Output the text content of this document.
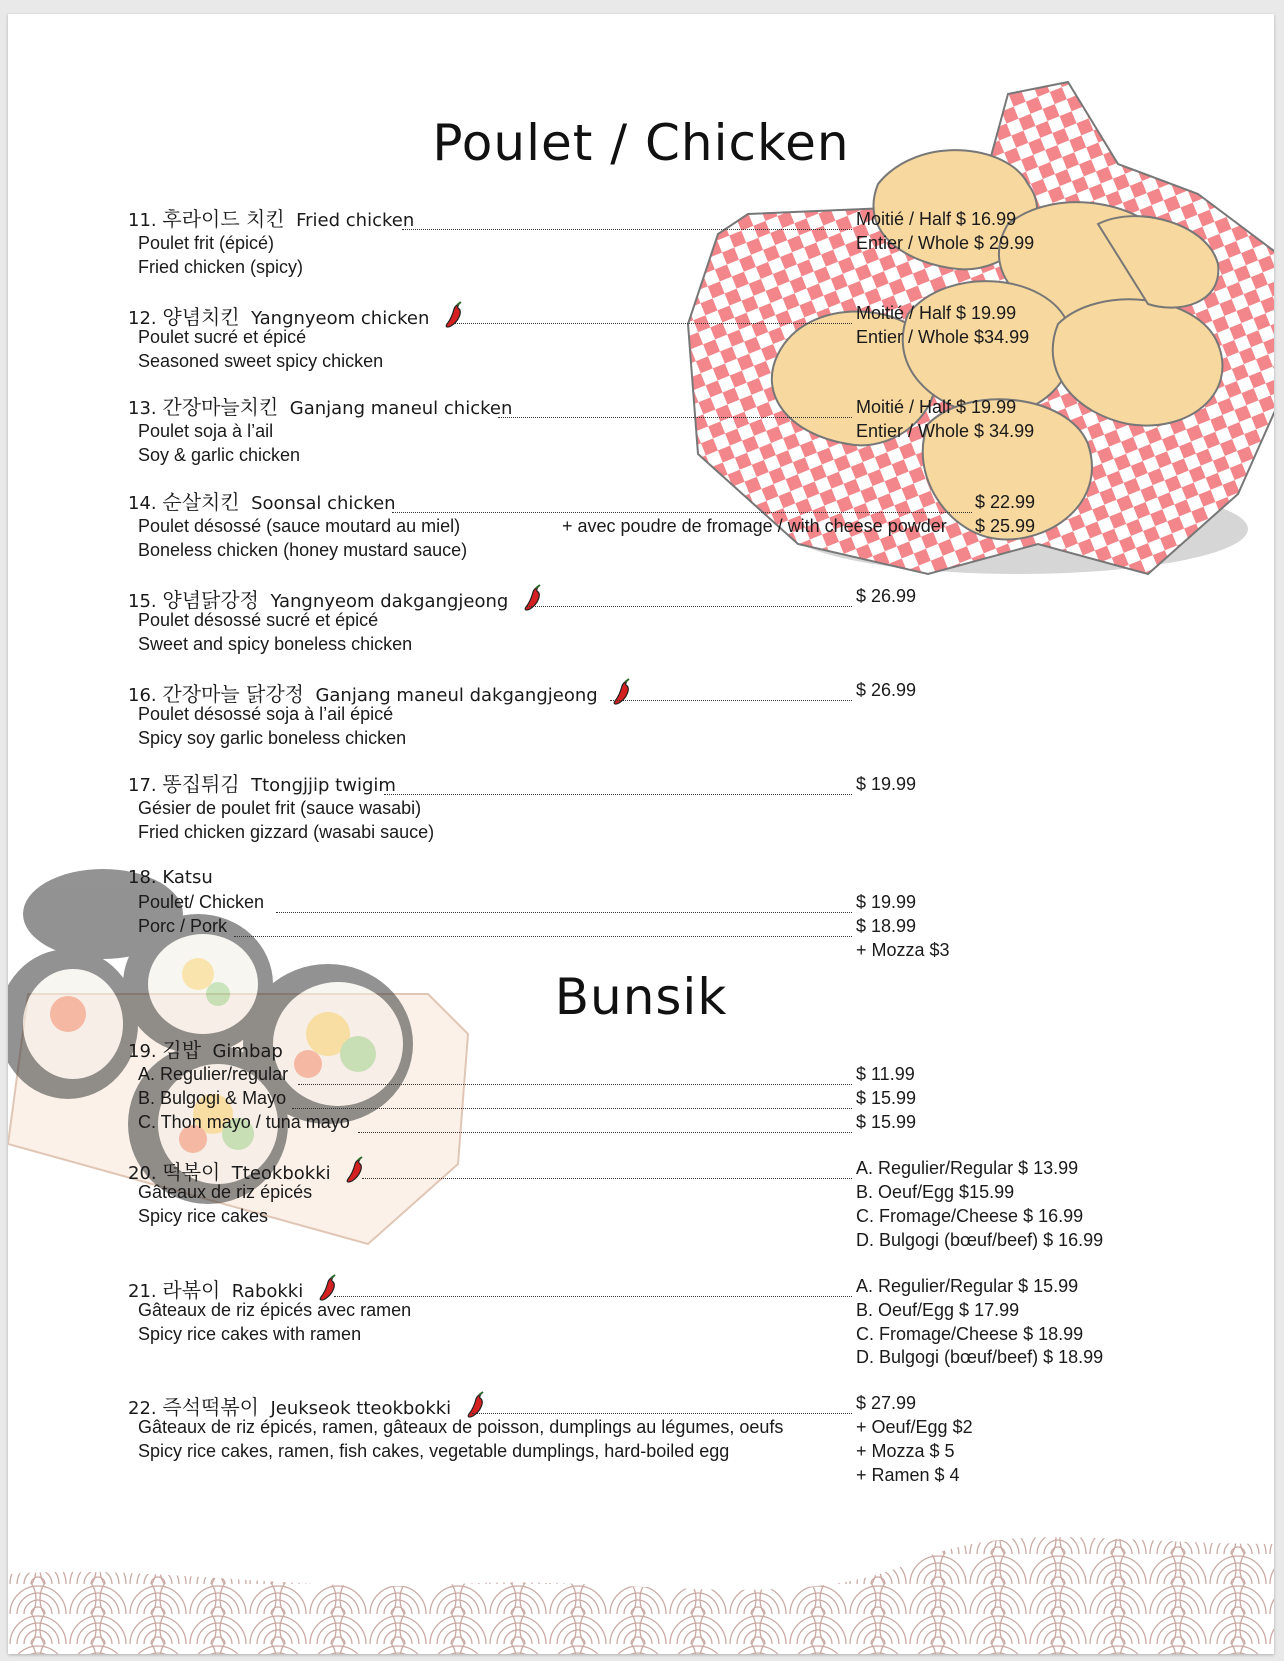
Poulet / Chicken
Bunsik
11. 후라이드 치킨 Fried chicken	Moitié / Half $ 16.99
Entier / Whole $ 29.99
Poulet frit (épicé)
Fried chicken (spicy)
12. 양념치킨 Yangnyeom chicken	Moitié / Half $ 19.99
Entier / Whole $34.99
Poulet sucré et épicé
Seasoned sweet spicy chicken
13. 간장마늘치킨 Ganjang maneul chicken	Moitié / Half $ 19.99
Entier / Whole $ 34.99
Poulet soja à l’ail
Soy & garlic chicken
14. 순살치킨 Soonsal chicken	$ 22.99
+ avec poudre de fromage / with cheese powder $ 25.99
Poulet désossé (sauce moutard au miel)
Boneless chicken (honey mustard sauce)
15. 양념닭강정 Yangnyeom dakgangjeong	$ 26.99
Poulet désossé sucré et épicé
Sweet and spicy boneless chicken
16. 간장마늘 닭강정 Ganjang maneul dakgangjeong	$ 26.99
Poulet désossé soja à l’ail épicé
Spicy soy garlic boneless chicken
17. 똥집튀김 Ttongjjip twigim	$ 19.99
Gésier de poulet frit (sauce wasabi)
Fried chicken gizzard (wasabi sauce)
18. Katsu
Poulet/ Chicken	$ 19.99
Porc / Pork	$ 18.99
+ Mozza $3
19. 김밥 Gimbap
A. Regulier/regular	$ 11.99
B. Bulgogi & Mayo	$ 15.99
C. Thon mayo / tuna mayo	$ 15.99
20. 떡볶이 Tteokbokki	A. Regulier/Regular $ 13.99
B. Oeuf/Egg $15.99
C. Fromage/Cheese $ 16.99
D. Bulgogi (bœuf/beef) $ 16.99
Gâteaux de riz épicés
Spicy rice cakes
21. 라볶이 Rabokki	A. Regulier/Regular $ 15.99
B. Oeuf/Egg $ 17.99
C. Fromage/Cheese $ 18.99
D. Bulgogi (bœuf/beef) $ 18.99
Gâteaux de riz épicés avec ramen
Spicy rice cakes with ramen
22. 즉석떡볶이 Jeukseok tteokbokki	$ 27.99
+ Oeuf/Egg $2
+ Mozza $ 5
+ Ramen $ 4
Gâteaux de riz épicés, ramen, gâteaux de poisson, dumplings au légumes, oeufs
Spicy rice cakes, ramen, fish cakes, vegetable dumplings, hard-boiled egg
